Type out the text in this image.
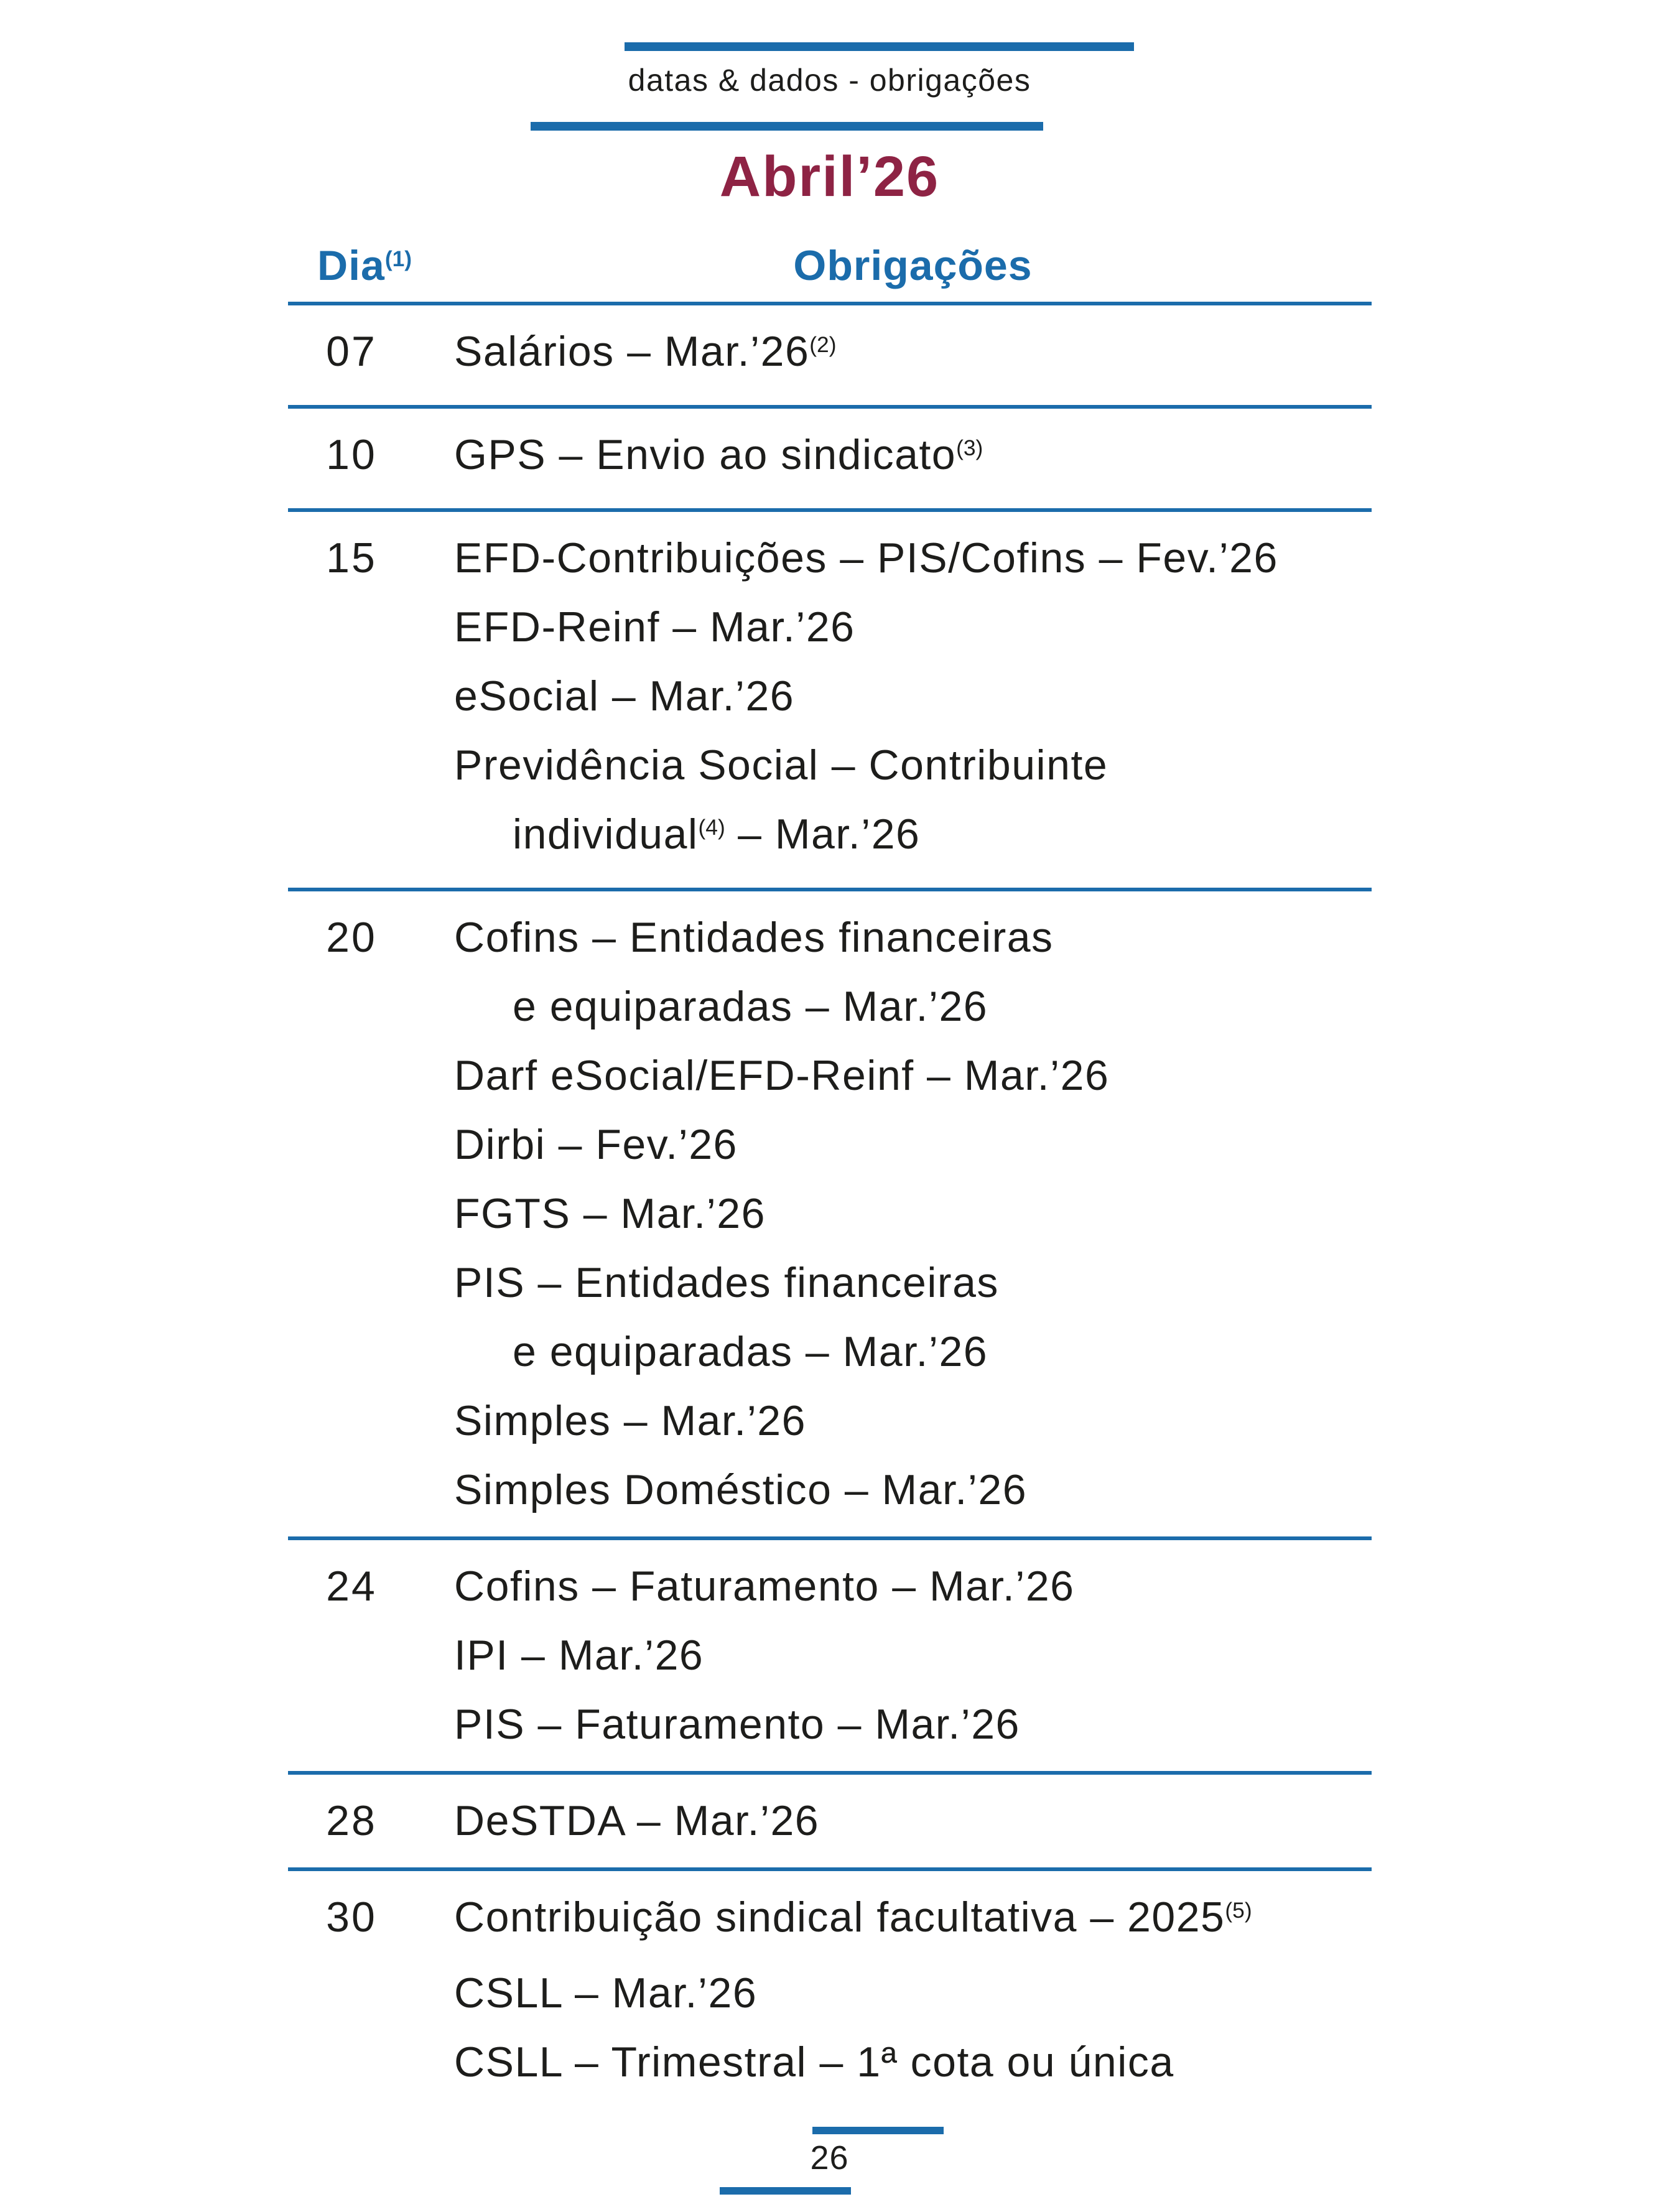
datas & dados - obrigações
Abril’26
Dia$^{(1)}$	Obrigações
07	Salários – Mar.’26$^{(2)}$
10	GPS – Envio ao sindicato$^{(3)}$
15	EFD-Contribuições – PIS/Cofins – Fev.’26
EFD-Reinf – Mar.’26
eSocial – Mar.’26
Previdência Social – Contribuinte
individual$^{(4)}$ – Mar.’26
20	Cofins – Entidades financeiras
e equiparadas – Mar.’26
Darf eSocial/EFD-Reinf – Mar.’26
Dirbi – Fev.’26
FGTS – Mar.’26
PIS – Entidades financeiras
e equiparadas – Mar.’26
Simples – Mar.’26
Simples Doméstico – Mar.’26
24	Cofins – Faturamento – Mar.’26
IPI – Mar.’26
PIS – Faturamento – Mar.’26
28	DeSTDA – Mar.’26
30	Contribuição sindical facultativa – 2025$^{(5)}$
CSLL – Mar.’26
CSLL – Trimestral – 1ª cota ou única
26
